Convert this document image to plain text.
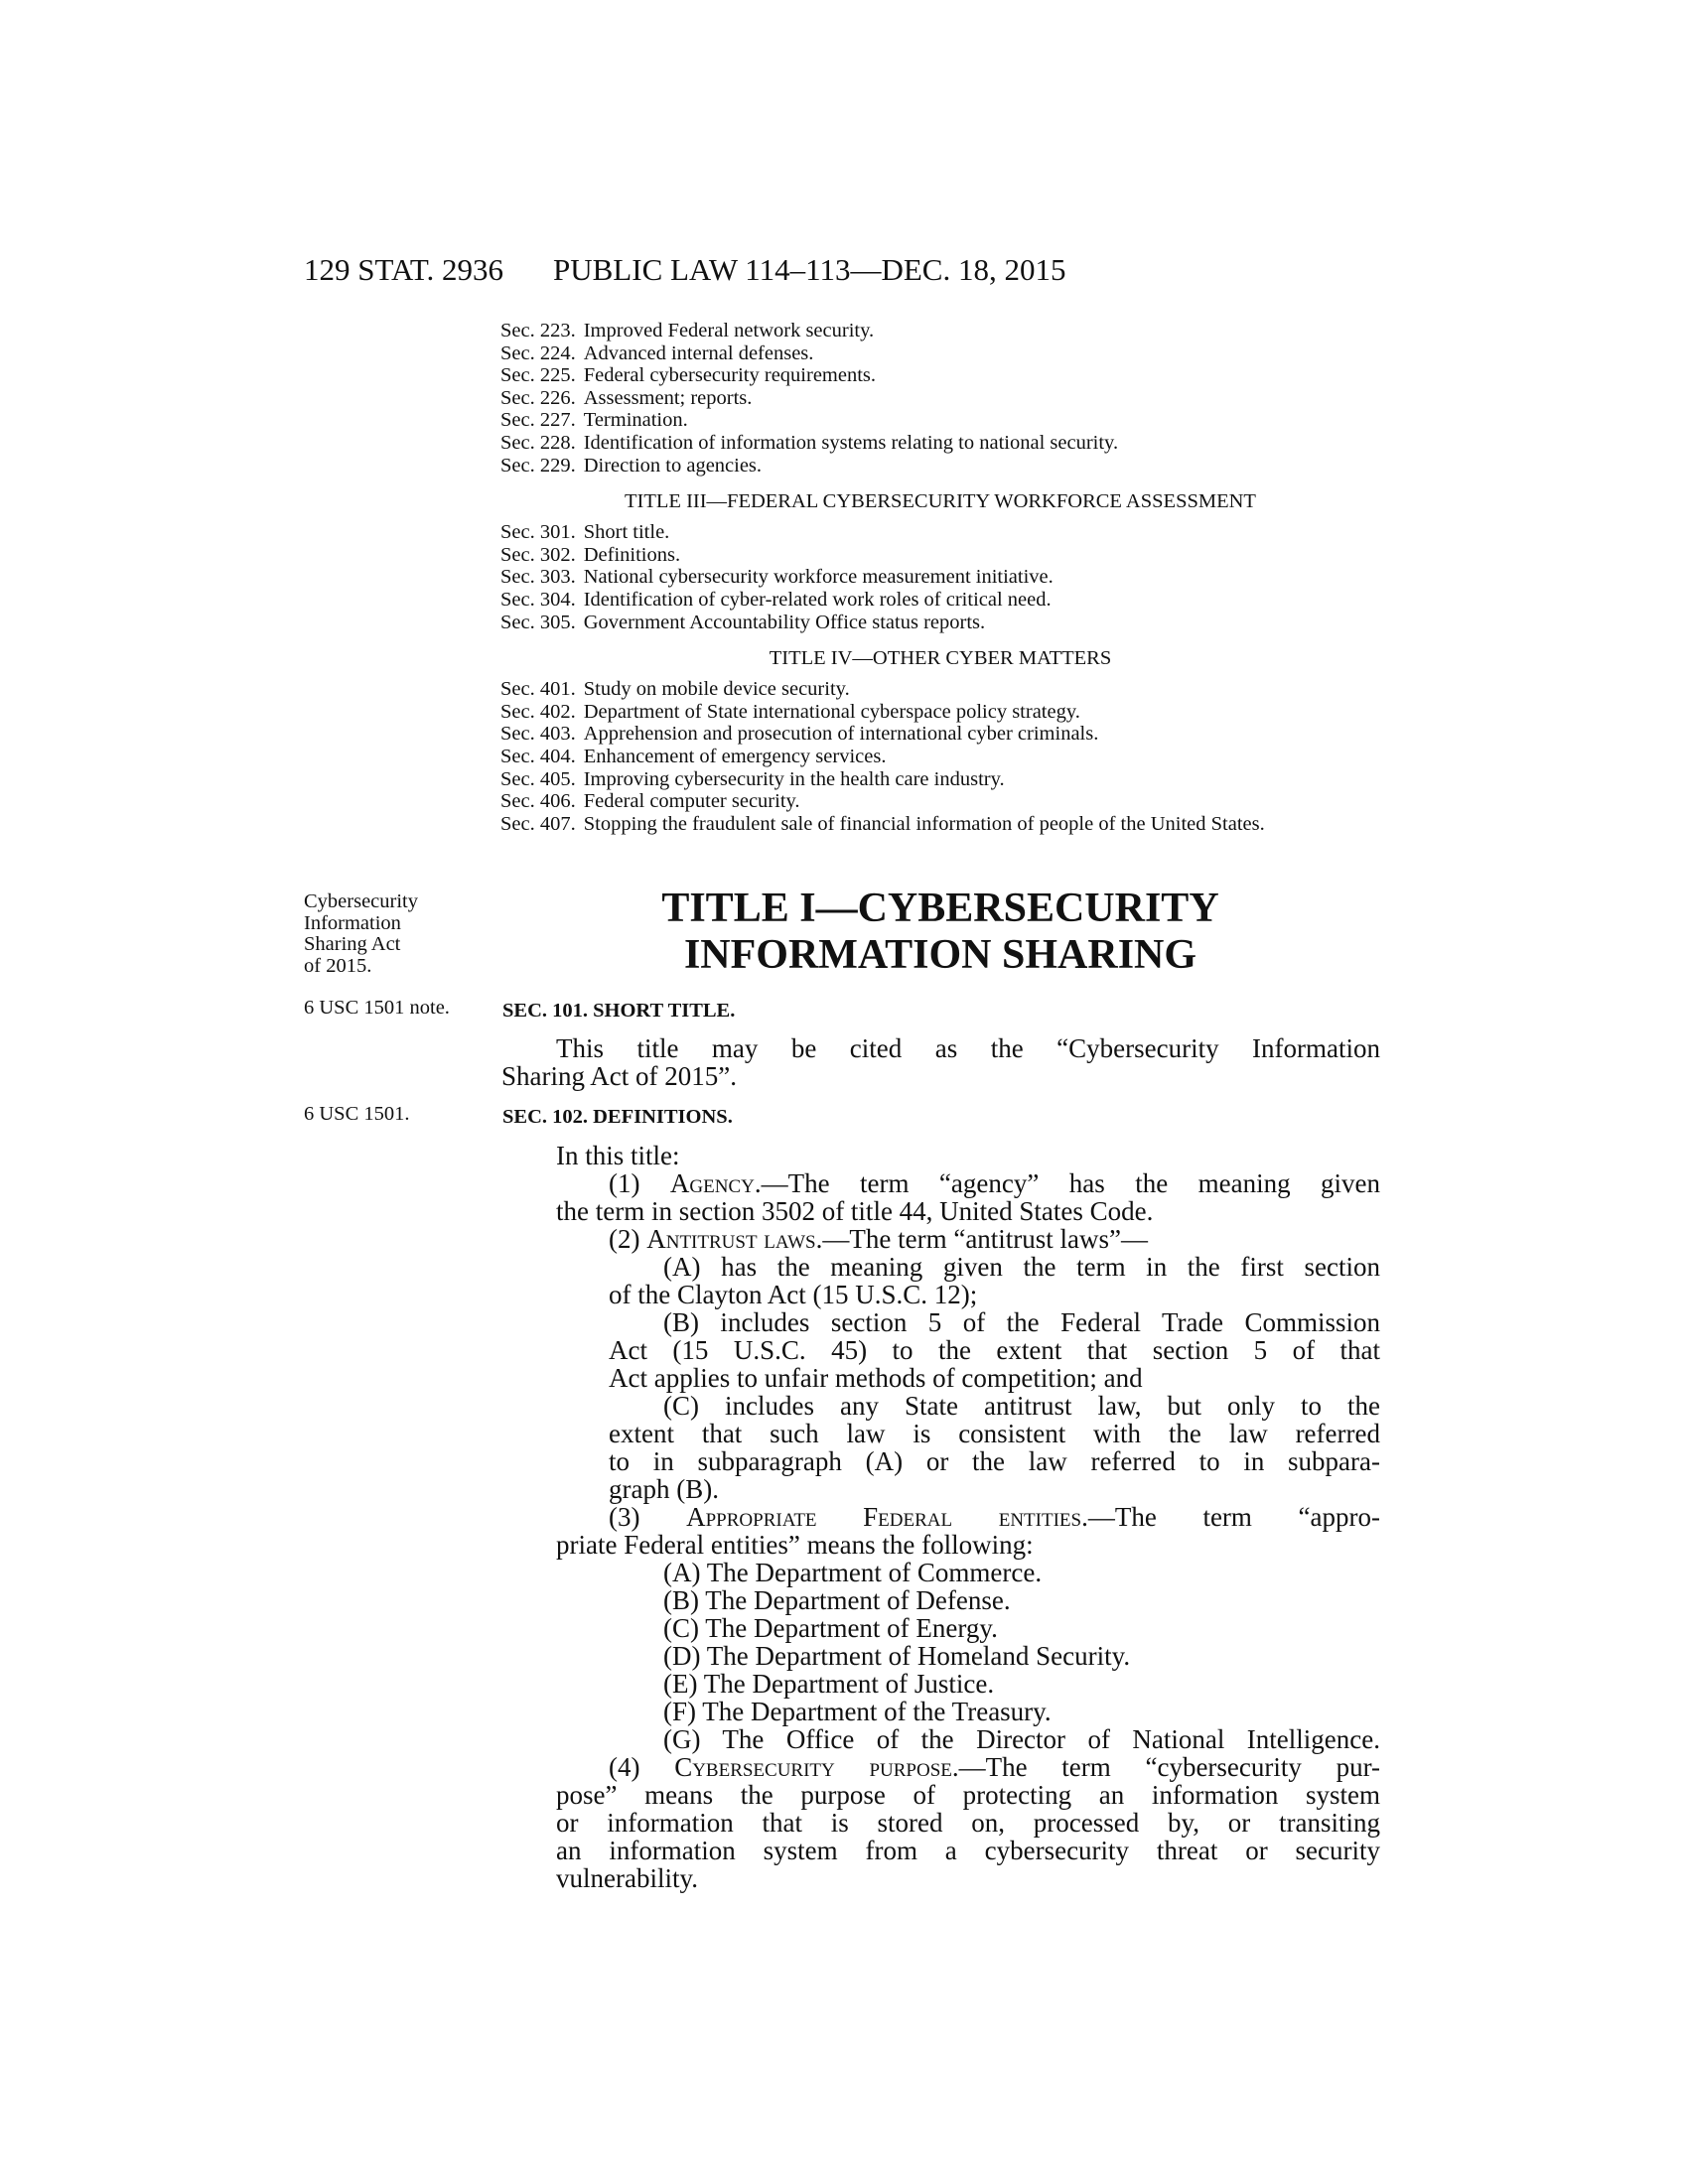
129 STAT. 2936 PUBLIC LAW 114–113—DEC. 18, 2015
Sec. 223. Improved Federal network security.
Sec. 224. Advanced internal defenses.
Sec. 225. Federal cybersecurity requirements.
Sec. 226. Assessment; reports.
Sec. 227. Termination.
Sec. 228. Identification of information systems relating to national security.
Sec. 229. Direction to agencies.
TITLE III—FEDERAL CYBERSECURITY WORKFORCE ASSESSMENT
Sec. 301. Short title.
Sec. 302. Definitions.
Sec. 303. National cybersecurity workforce measurement initiative.
Sec. 304. Identification of cyber-related work roles of critical need.
Sec. 305. Government Accountability Office status reports.
TITLE IV—OTHER CYBER MATTERS
Sec. 401. Study on mobile device security.
Sec. 402. Department of State international cyberspace policy strategy.
Sec. 403. Apprehension and prosecution of international cyber criminals.
Sec. 404. Enhancement of emergency services.
Sec. 405. Improving cybersecurity in the health care industry.
Sec. 406. Federal computer security.
Sec. 407. Stopping the fraudulent sale of financial information of people of the United States.
Cybersecurity
Information
Sharing Act
of 2015.
6 USC 1501 note.
6 USC 1501.
TITLE I—CYBERSECURITY
INFORMATION SHARING
SEC. 101. SHORT TITLE.
This title may be cited as the “Cybersecurity Information
Sharing Act of 2015”.
SEC. 102. DEFINITIONS.
In this title:
(1) Agency.—The term “agency” has the meaning given
the term in section 3502 of title 44, United States Code.
(2) Antitrust laws.—The term “antitrust laws”—
(A) has the meaning given the term in the first section
of the Clayton Act (15 U.S.C. 12);
(B) includes section 5 of the Federal Trade Commission
Act (15 U.S.C. 45) to the extent that section 5 of that
Act applies to unfair methods of competition; and
(C) includes any State antitrust law, but only to the
extent that such law is consistent with the law referred
to in subparagraph (A) or the law referred to in subpara-
graph (B).
(3) Appropriate Federal entities.—The term “appro-
priate Federal entities” means the following:
(A) The Department of Commerce.
(B) The Department of Defense.
(C) The Department of Energy.
(D) The Department of Homeland Security.
(E) The Department of Justice.
(F) The Department of the Treasury.
(G) The Office of the Director of National Intelligence.
(4) Cybersecurity purpose.—The term “cybersecurity pur-
pose” means the purpose of protecting an information system
or information that is stored on, processed by, or transiting
an information system from a cybersecurity threat or security
vulnerability.
